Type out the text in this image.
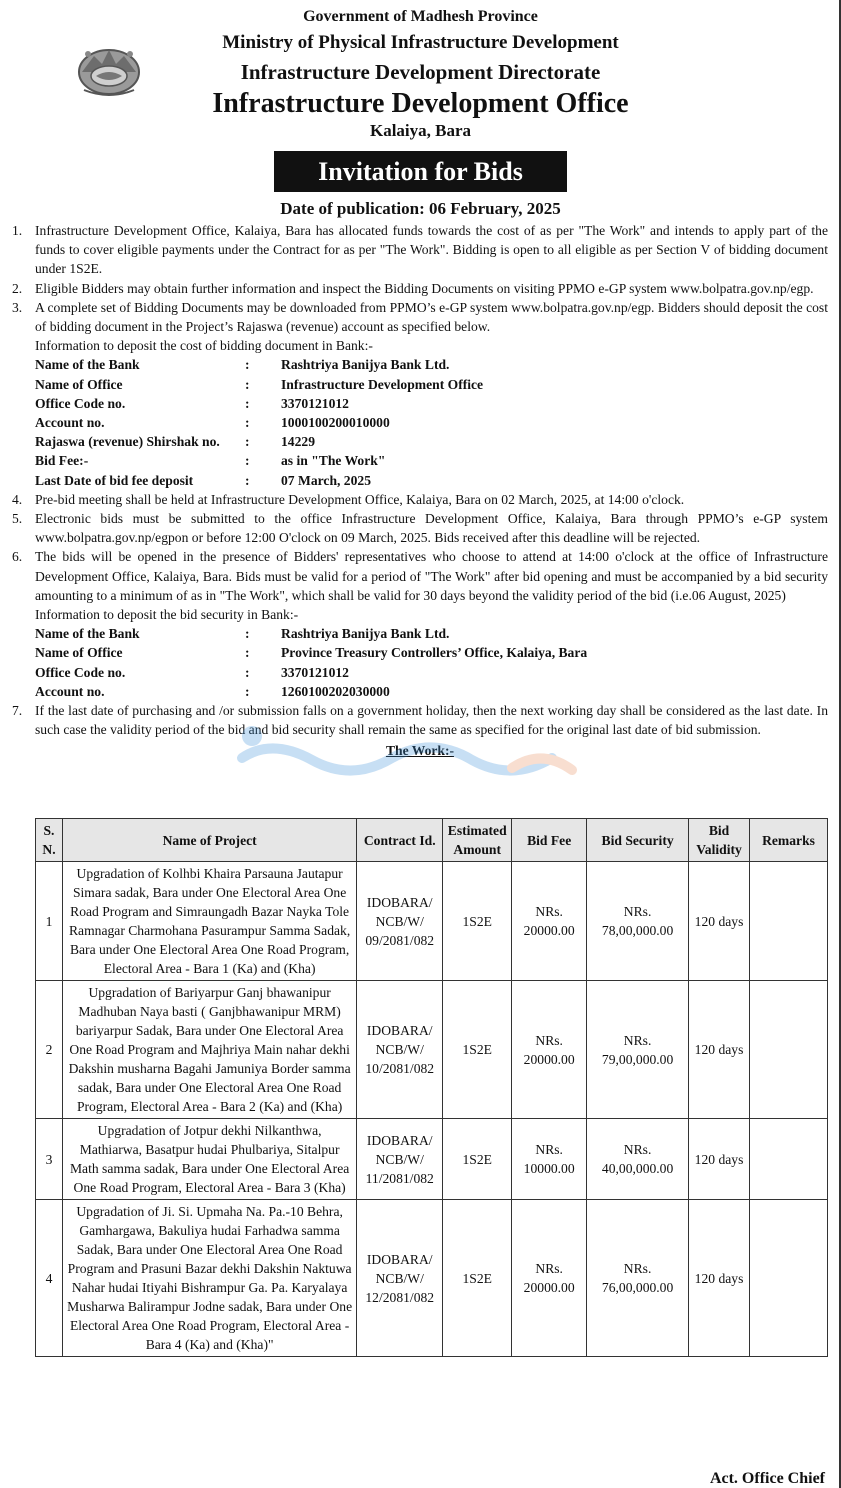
Government of Madhesh Province
Ministry of Physical Infrastructure Development
Infrastructure Development Directorate
Infrastructure Development Office
Kalaiya, Bara
Invitation for Bids
Date of publication: 06 February, 2025
1. Infrastructure Development Office, Kalaiya, Bara has allocated funds towards the cost of as per "The Work" and intends to apply part of the funds to cover eligible payments under the Contract for as per "The Work". Bidding is open to all eligible as per Section V of bidding document under 1S2E.
2. Eligible Bidders may obtain further information and inspect the Bidding Documents on visiting PPMO e-GP system www.bolpatra.gov.np/egp.
3. A complete set of Bidding Documents may be downloaded from PPMO’s e-GP system www.bolpatra.gov.np/egp. Bidders should deposit the cost of bidding document in the Project’s Rajaswa (revenue) account as specified below.
Information to deposit the cost of bidding document in Bank:-
Name of the Bank	:	Rashtriya Banijya Bank Ltd.
Name of Office	:	Infrastructure Development Office
Office Code no.	:	3370121012
Account no.	:	1000100200010000
Rajaswa (revenue) Shirshak no.	:	14229
Bid Fee:-	:	as in "The Work"
Last Date of bid fee deposit	:	07 March, 2025
4. Pre-bid meeting shall be held at Infrastructure Development Office, Kalaiya, Bara on 02 March, 2025, at 14:00 o'clock.
5. Electronic bids must be submitted to the office Infrastructure Development Office, Kalaiya, Bara through PPMO’s e-GP system www.bolpatra.gov.np/egpon or before 12:00 O'clock on 09 March, 2025. Bids received after this deadline will be rejected.
6. The bids will be opened in the presence of Bidders' representatives who choose to attend at 14:00 o'clock at the office of Infrastructure Development Office, Kalaiya, Bara. Bids must be valid for a period of "The Work" after bid opening and must be accompanied by a bid security amounting to a minimum of as in "The Work", which shall be valid for 30 days beyond the validity period of the bid (i.e.06 August, 2025)
Information to deposit the bid security in Bank:-
Name of the Bank	:	Rashtriya Banijya Bank Ltd.
Name of Office	:	Province Treasury Controllers’ Office, Kalaiya, Bara
Office Code no.	:	3370121012
Account no.	:	1260100202030000
7. If the last date of purchasing and /or submission falls on a government holiday, then the next working day shall be considered as the last date. In such case the validity period of the bid and bid security shall remain the same as specified for the original last date of bid submission.
The Work:-
S. N.	Name of Project	Contract Id.	Estimated Amount	Bid Fee	Bid Security	Bid Validity	Remarks
1	Upgradation of Kolhbi Khaira Parsauna Jautapur Simara sadak, Bara under One Electoral Area One Road Program and Simraungadh Bazar Nayka Tole Ramnagar Charmohana Pasurampur Samma Sadak, Bara under One Electoral Area One Road Program, Electoral Area - Bara 1 (Ka) and (Kha)	IDOBARA/ NCB/W/ 09/2081/082	1S2E	NRs. 20000.00	NRs. 78,00,000.00	120 days	
2	Upgradation of Bariyarpur Ganj bhawanipur Madhuban Naya basti ( Ganjbhawanipur MRM) bariyarpur Sadak, Bara under One Electoral Area One Road Program and Majhriya Main nahar dekhi Dakshin musharna Bagahi Jamuniya Border samma sadak, Bara under One Electoral Area One Road Program, Electoral Area - Bara 2 (Ka) and (Kha)	IDOBARA/ NCB/W/ 10/2081/082	1S2E	NRs. 20000.00	NRs. 79,00,000.00	120 days	
3	Upgradation of Jotpur dekhi Nilkanthwa, Mathiarwa, Basatpur hudai Phulbariya, Sitalpur Math samma sadak, Bara under One Electoral Area One Road Program, Electoral Area - Bara 3 (Kha)	IDOBARA/ NCB/W/ 11/2081/082	1S2E	NRs. 10000.00	NRs. 40,00,000.00	120 days	
4	Upgradation of Ji. Si. Upmaha Na. Pa.-10 Behra, Gamhargawa, Bakuliya hudai Farhadwa samma Sadak, Bara under One Electoral Area One Road Program and Prasuni Bazar dekhi Dakshin Naktuwa Nahar hudai Itiyahi Bishrampur Ga. Pa. Karyalaya Musharwa Balirampur Jodne sadak, Bara under One Electoral Area One Road Program, Electoral Area - Bara 4 (Ka) and (Kha)"	IDOBARA/ NCB/W/ 12/2081/082	1S2E	NRs. 20000.00	NRs. 76,00,000.00	120 days	
Act. Office Chief
